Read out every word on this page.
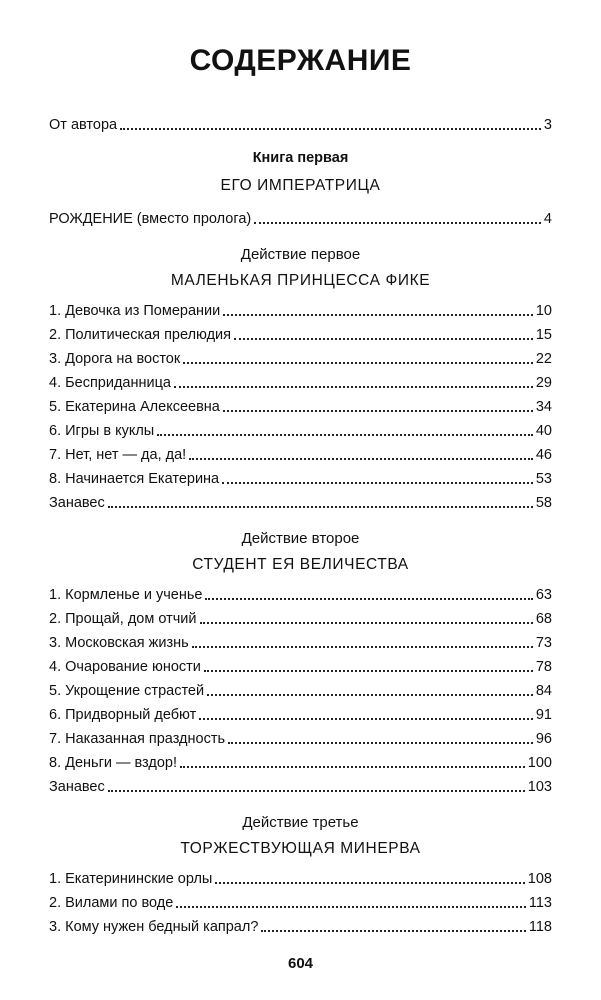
СОДЕРЖАНИЕ
От автора	3
Книга первая
ЕГО ИМПЕРАТРИЦА
РОЖДЕНИЕ (вместо пролога)	4
Действие первое
МАЛЕНЬКАЯ ПРИНЦЕССА ФИКЕ
1. Девочка из Померании	10
2. Политическая прелюдия	15
3. Дорога на восток	22
4. Бесприданница	29
5. Екатерина Алексеевна	34
6. Игры в куклы	40
7. Нет, нет — да, да!	46
8. Начинается Екатерина	53
Занавес	58
Действие второе
СТУДЕНТ ЕЯ ВЕЛИЧЕСТВА
1. Кормленье и ученье	63
2. Прощай, дом отчий	68
3. Московская жизнь	73
4. Очарование юности	78
5. Укрощение страстей	84
6. Придворный дебют	91
7. Наказанная праздность	96
8. Деньги — вздор!	100
Занавес	103
Действие третье
ТОРЖЕСТВУЮЩАЯ МИНЕРВА
1. Екатерининские орлы	108
2. Вилами по воде	113
3. Кому нужен бедный капрал?	118
604
